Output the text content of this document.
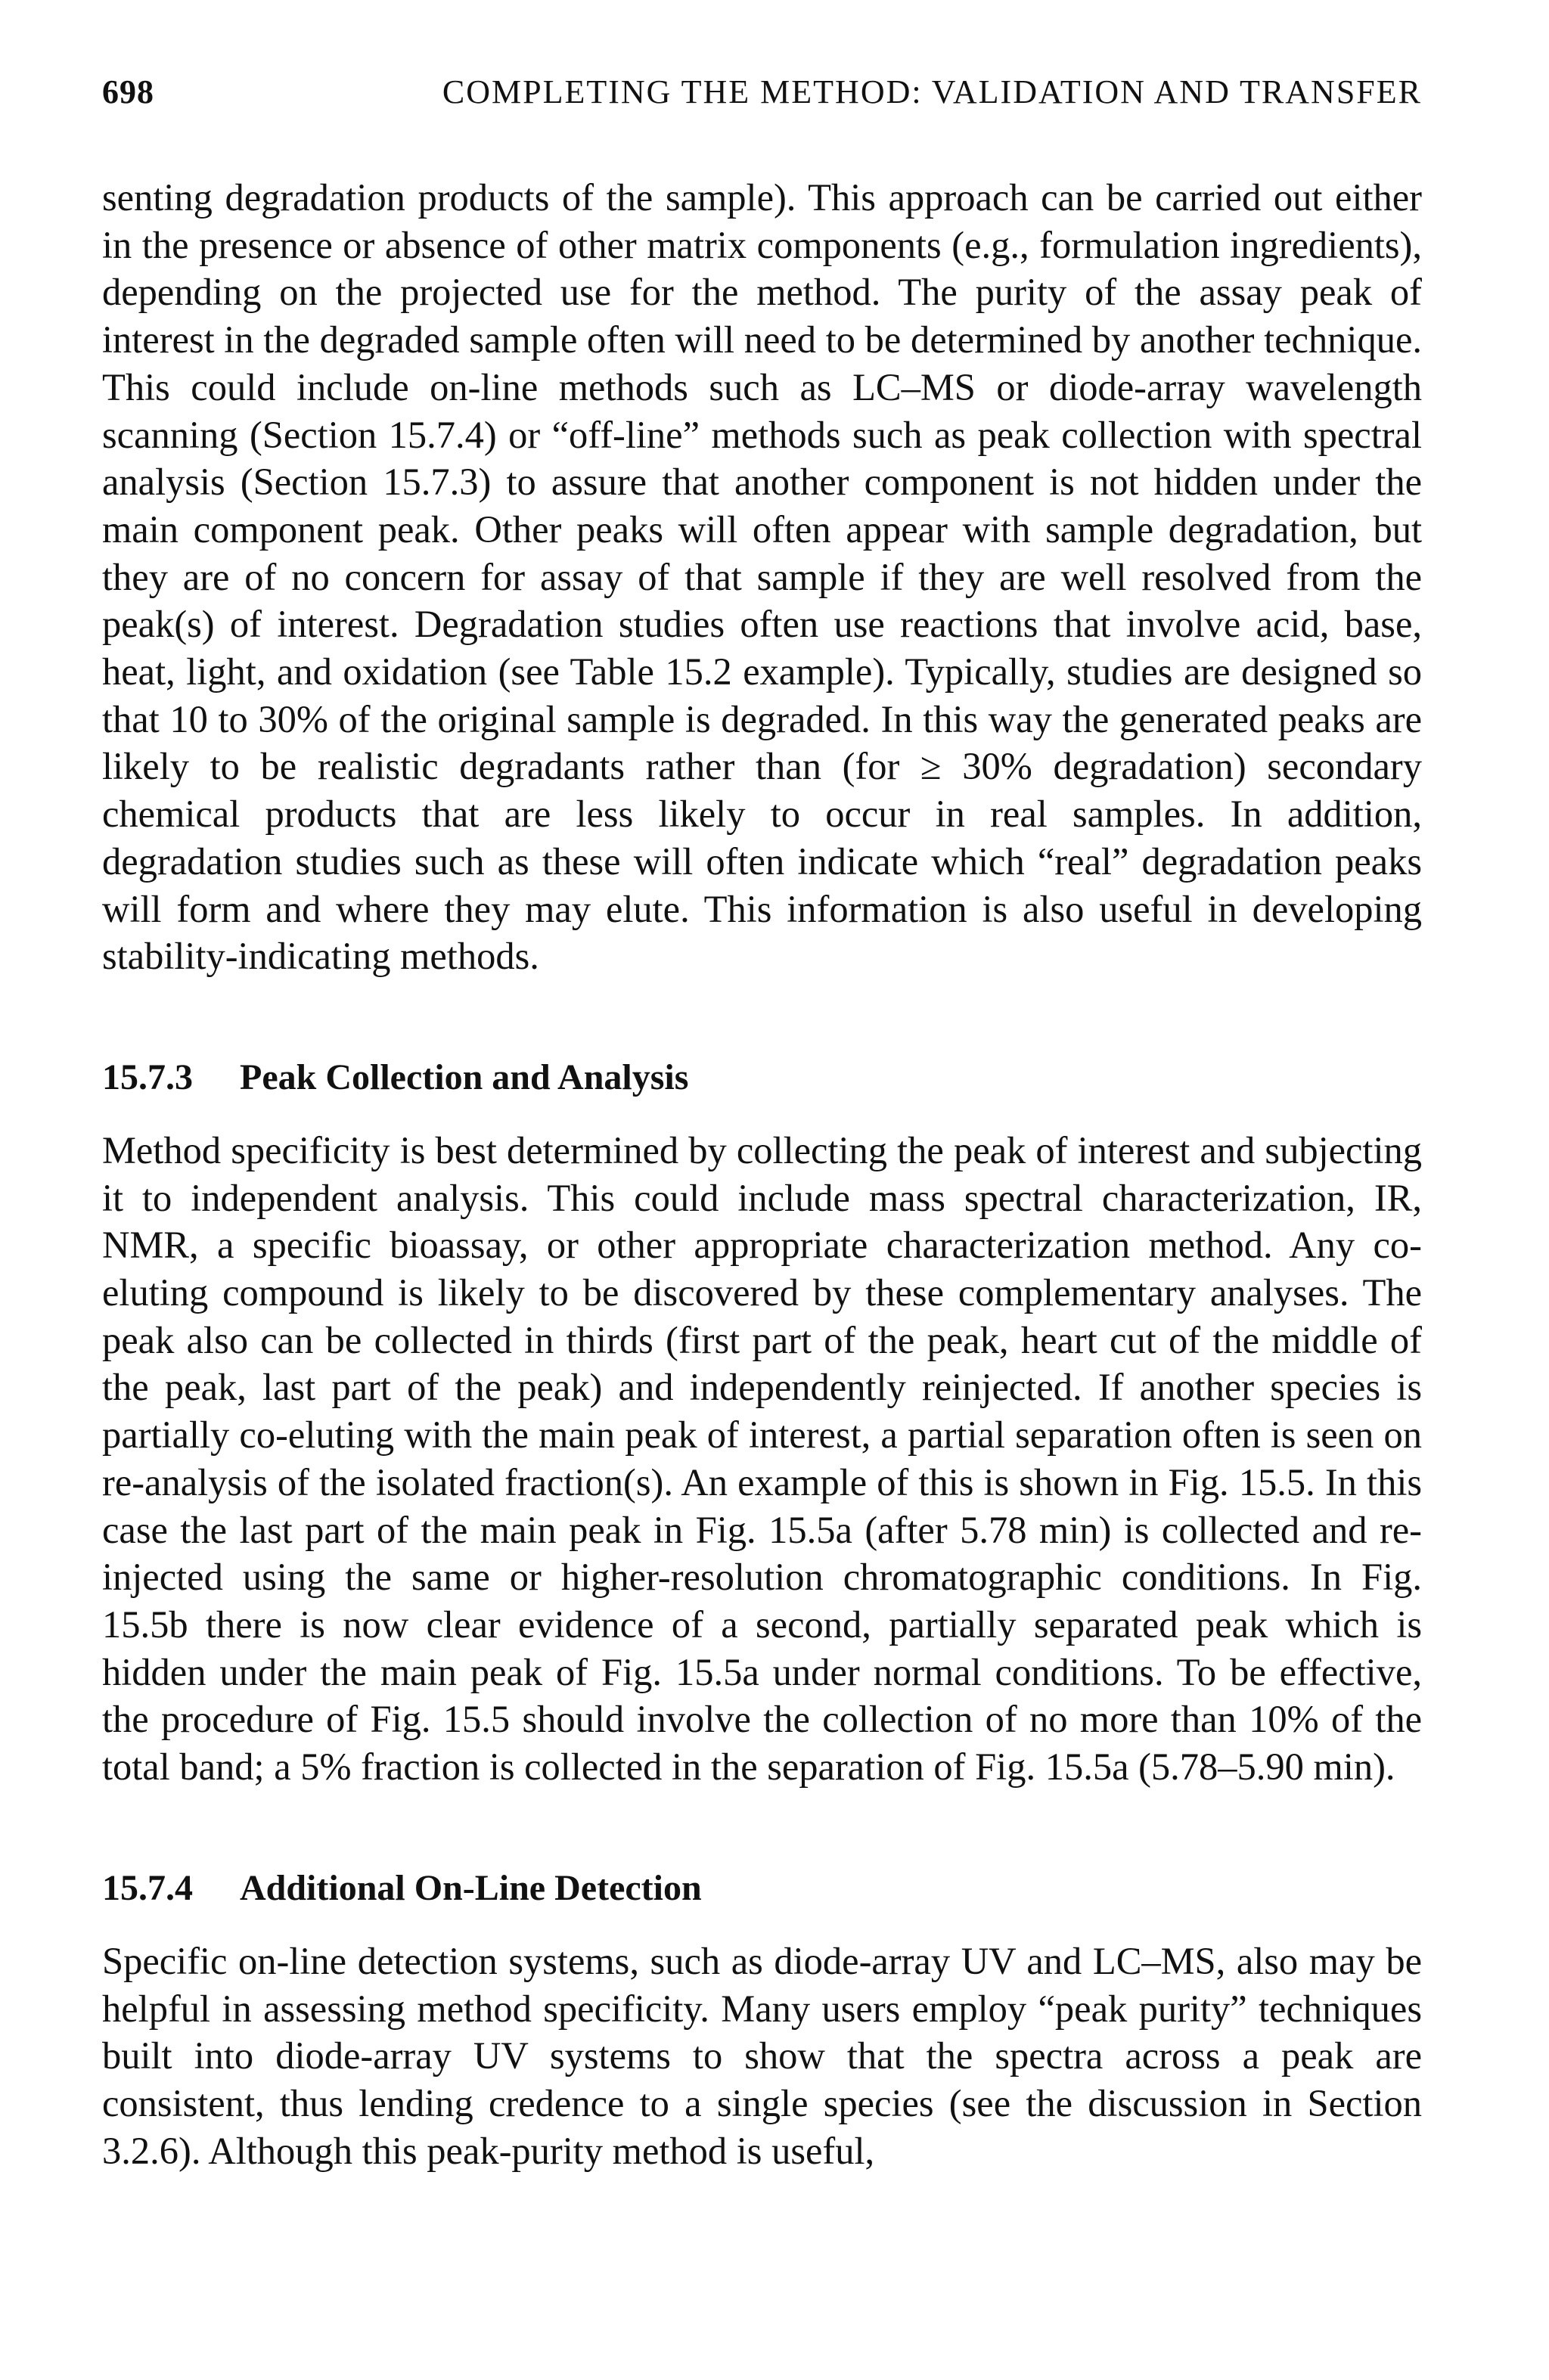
698	COMPLETING THE METHOD: VALIDATION AND TRANSFER

senting degradation products of the sample). This approach can be carried out either in the presence or absence of other matrix components (e.g., formulation ingredients), depending on the projected use for the method. The purity of the assay peak of interest in the degraded sample often will need to be determined by another technique. This could include on-line methods such as LC–MS or diode-array wavelength scanning (Section 15.7.4) or “off-line” methods such as peak collection with spectral analysis (Section 15.7.3) to assure that another component is not hidden under the main component peak. Other peaks will often appear with sample degradation, but they are of no concern for assay of that sample if they are well resolved from the peak(s) of interest. Degradation studies often use reactions that involve acid, base, heat, light, and oxidation (see Table 15.2 example). Typically, studies are designed so that 10 to 30% of the original sample is degraded. In this way the generated peaks are likely to be realistic degradants rather than (for ≥ 30% degradation) secondary chemical products that are less likely to occur in real samples. In addition, degradation studies such as these will often indicate which “real” degradation peaks will form and where they may elute. This information is also useful in developing stability-indicating methods.

15.7.3	Peak Collection and Analysis

Method specificity is best determined by collecting the peak of interest and subjecting it to independent analysis. This could include mass spectral characterization, IR, NMR, a specific bioassay, or other appropriate characterization method. Any co-eluting compound is likely to be discovered by these complementary analyses. The peak also can be collected in thirds (first part of the peak, heart cut of the middle of the peak, last part of the peak) and independently reinjected. If another species is partially co-eluting with the main peak of interest, a partial separation often is seen on re-analysis of the isolated fraction(s). An example of this is shown in Fig. 15.5. In this case the last part of the main peak in Fig. 15.5a (after 5.78 min) is collected and re-injected using the same or higher-resolution chromatographic conditions. In Fig. 15.5b there is now clear evidence of a second, partially separated peak which is hidden under the main peak of Fig. 15.5a under normal conditions. To be effective, the procedure of Fig. 15.5 should involve the collection of no more than 10% of the total band; a 5% fraction is collected in the separation of Fig. 15.5a (5.78–5.90 min).

15.7.4	Additional On-Line Detection

Specific on-line detection systems, such as diode-array UV and LC–MS, also may be helpful in assessing method specificity. Many users employ “peak purity” techniques built into diode-array UV systems to show that the spectra across a peak are consistent, thus lending credence to a single species (see the discussion in Section 3.2.6). Although this peak-purity method is useful,
